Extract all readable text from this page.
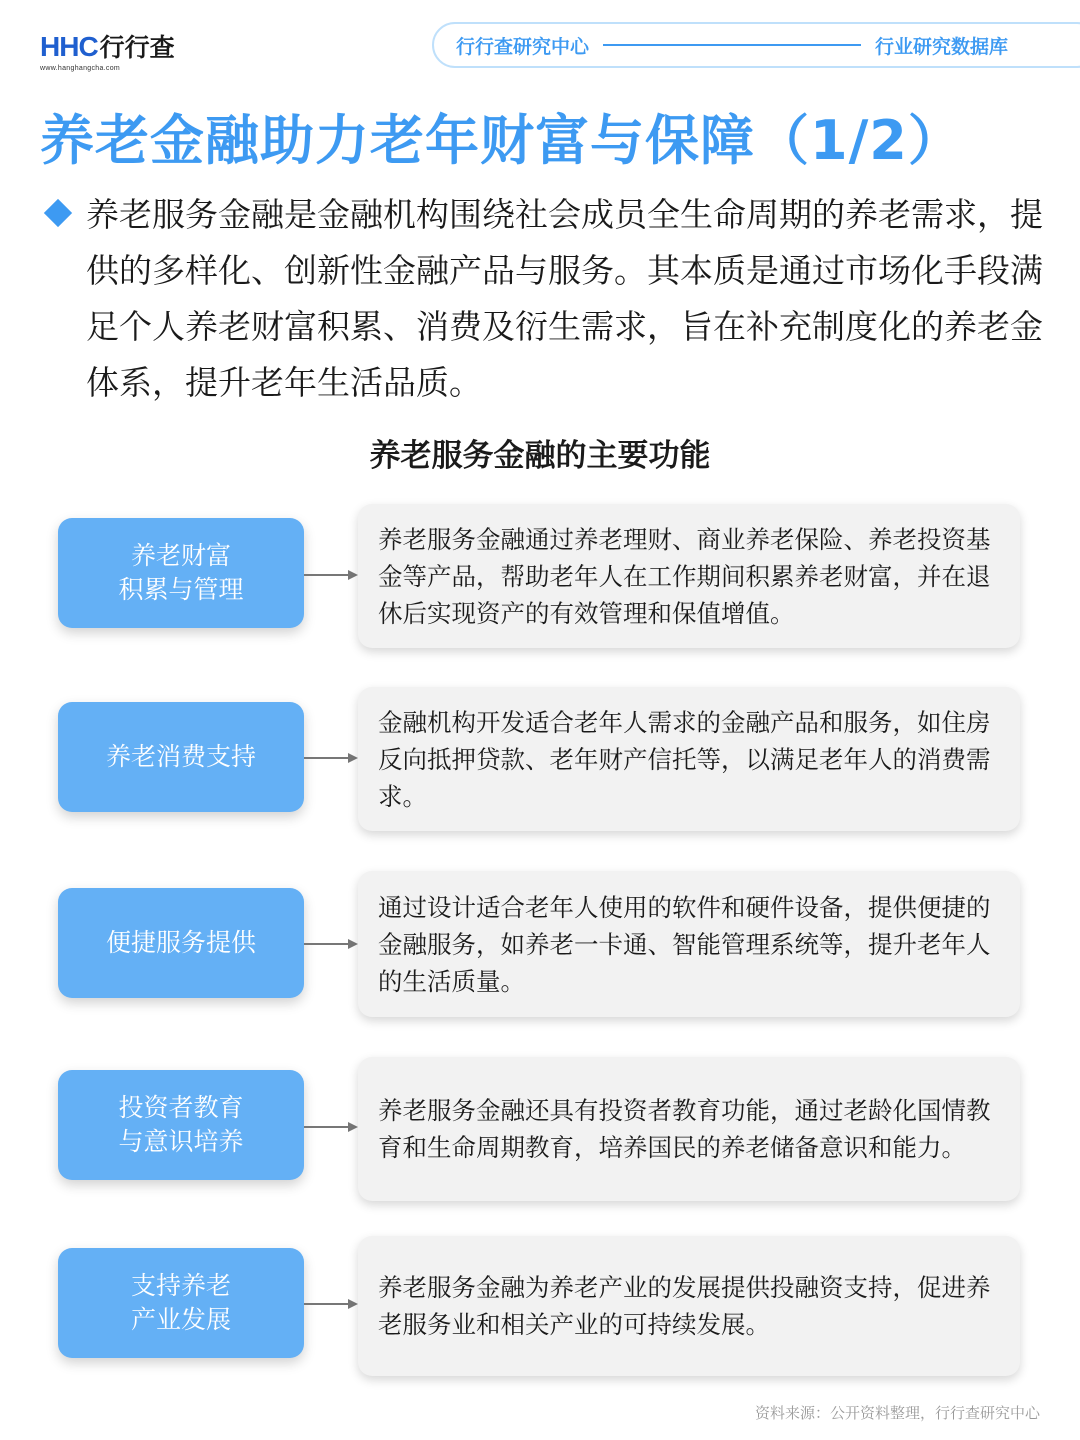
HHC 行行查
www.hanghangcha.com
行行查研究中心	行业研究数据库
养老金融助力老年财富与保障（1/2）
养老服务金融是金融机构围绕社会成员全生命周期的养老需求，提供的多样化、创新性金融产品与服务。其本质是通过市场化手段满足个人养老财富积累、消费及衍生需求，旨在补充制度化的养老金体系，提升老年生活品质。
养老服务金融的主要功能
养老财富
积累与管理
养老服务金融通过养老理财、商业养老保险、养老投资基金等产品，帮助老年人在工作期间积累养老财富，并在退休后实现资产的有效管理和保值增值。
养老消费支持
金融机构开发适合老年人需求的金融产品和服务，如住房反向抵押贷款、老年财产信托等，以满足老年人的消费需求。
便捷服务提供
通过设计适合老年人使用的软件和硬件设备，提供便捷的金融服务，如养老一卡通、智能管理系统等，提升老年人的生活质量。
投资者教育
与意识培养
养老服务金融还具有投资者教育功能，通过老龄化国情教育和生命周期教育，培养国民的养老储备意识和能力。
支持养老
产业发展
养老服务金融为养老产业的发展提供投融资支持，促进养老服务业和相关产业的可持续发展。
资料来源：公开资料整理，行行查研究中心
